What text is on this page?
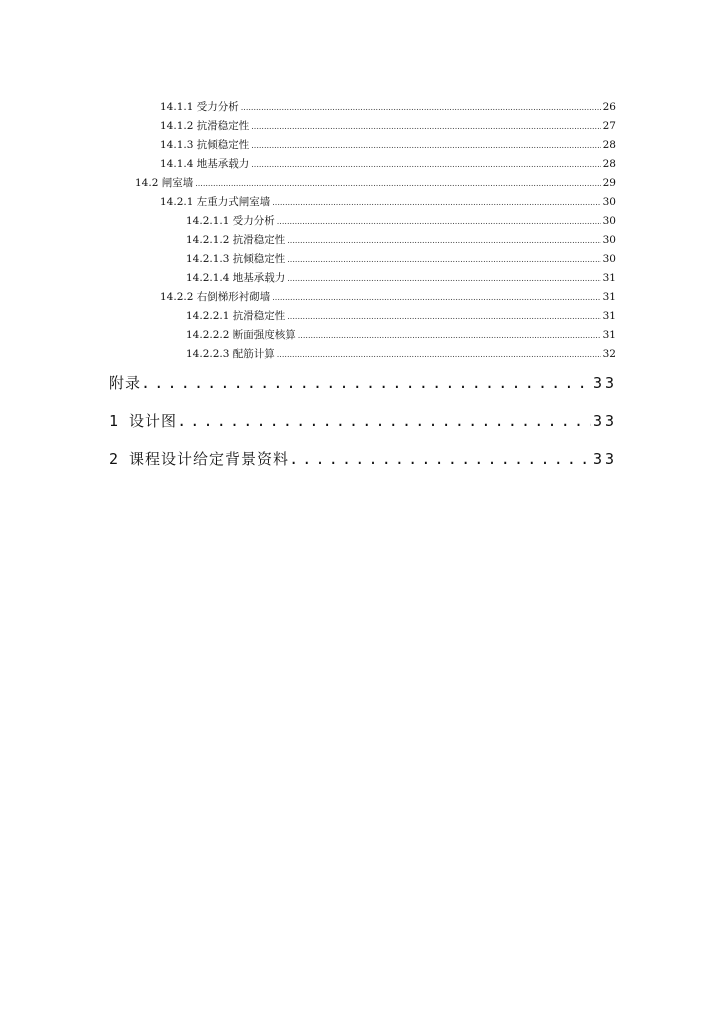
14.1.1 受力分析 .....	26
14.1.2 抗滑稳定性 .....	27
14.1.3 抗倾稳定性 .....	28
14.1.4 地基承载力 .....	28
14.2 闸室墙 .....	29
14.2.1 左重力式闸室墙 .....	30
14.2.1.1 受力分析 .....	30
14.2.1.2 抗滑稳定性 .....	30
14.2.1.3 抗倾稳定性 .....	30
14.2.1.4 地基承载力 .....	31
14.2.2 右倒梯形衬砌墙 .....	31
14.2.2.1 抗滑稳定性 .....	31
14.2.2.2 断面强度核算 .....	31
14.2.2.3 配筋计算 .....	32
附录 .....	33
1 设计图 .....	33
2 课程设计给定背景资料 .....	33
